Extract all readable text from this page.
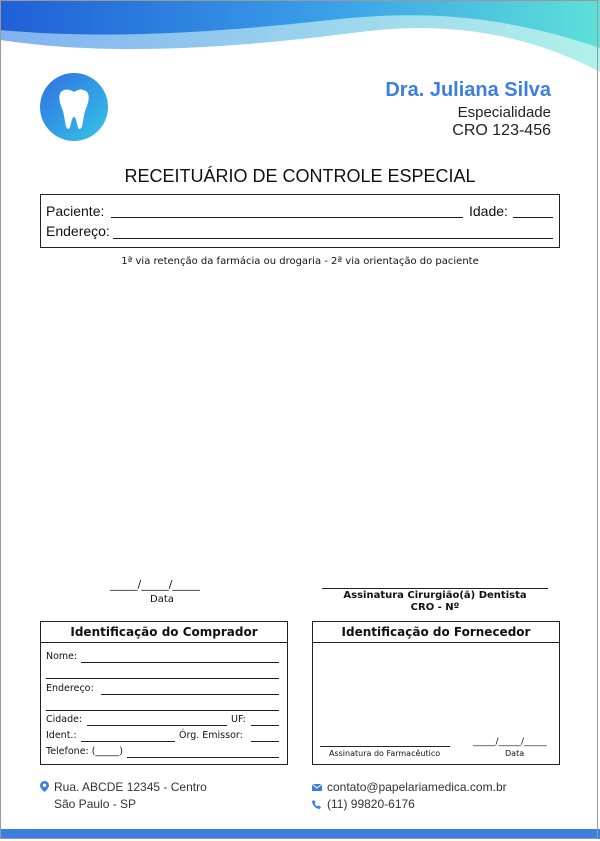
Dra. Juliana Silva
Especialidade
CRO 123-456
RECEITUÁRIO DE CONTROLE ESPECIAL
Paciente:	Idade:
Endereço:
1ª via retenção da farmácia ou drogaria - 2ª via orientação do paciente
_____/_____/_____
Data	Assinatura Cirurgião(ã) Dentista
CRO - Nº
Identificação do Comprador
Nome:
Endereço:
Cidade:	UF:
Ident.:	Órg. Emissor:
Telefone: (_____)
Identificação do Fornecedor
Assinatura do Farmacêutico
_____/_____/_____
Data
Rua. ABCDE 12345 - Centro
São Paulo - SP
contato@papelariamedica.com.br
(11) 99820-6176
